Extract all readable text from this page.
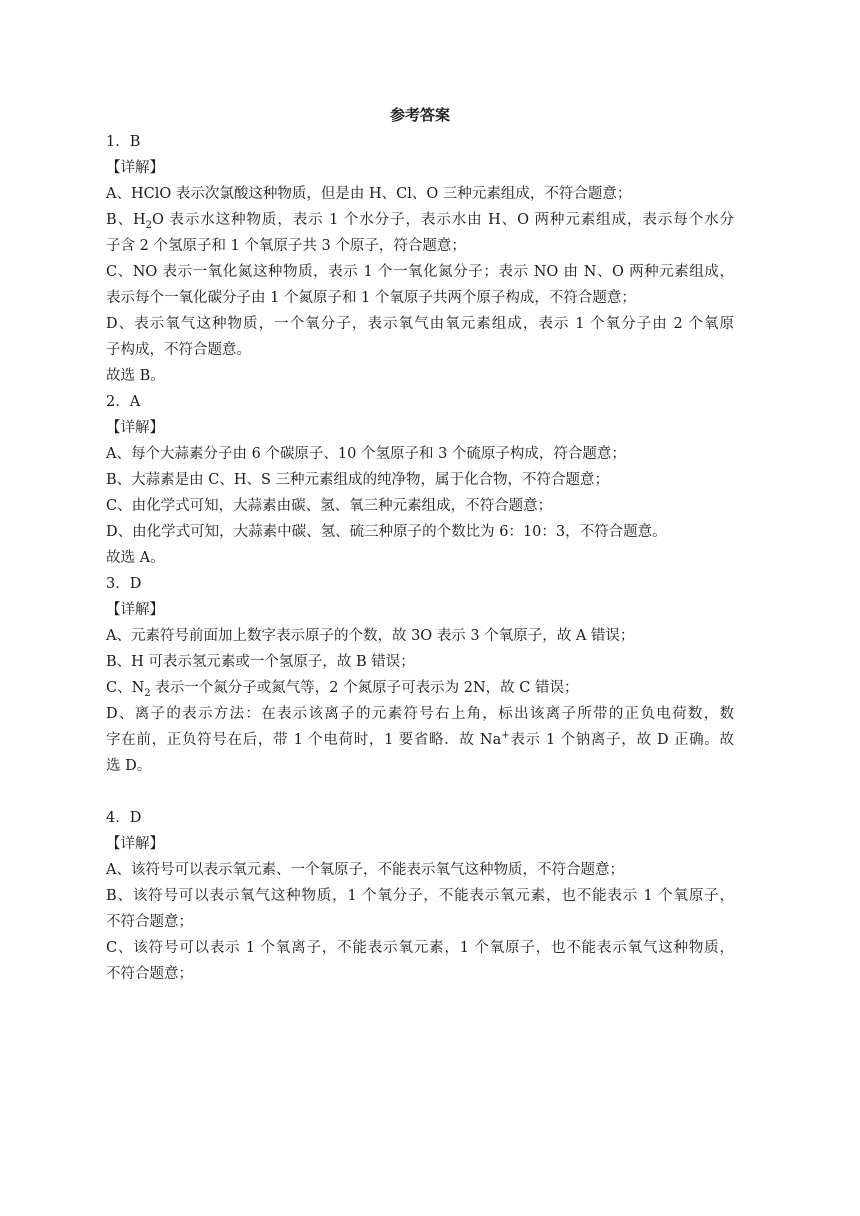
参考答案
1．B
【详解】
A、HClO 表示次氯酸这种物质，但是由 H、Cl、O 三种元素组成，不符合题意；
B、$H_2O$ 表示水这种物质，表示 1 个水分子，表示水由 H、O 两种元素组成，表示每个水分
子含 2 个氢原子和 1 个氧原子共 3 个原子，符合题意；
C、NO 表示一氧化氮这种物质，表示 1 个一氧化氮分子；表示 NO 由 N、O 两种元素组成，
表示每个一氧化碳分子由 1 个氮原子和 1 个氧原子共两个原子构成，不符合题意；
D、表示氧气这种物质，一个氧分子，表示氧气由氧元素组成，表示 1 个氧分子由 2 个氧原
子构成，不符合题意。
故选 B。
2．A
【详解】
A、每个大蒜素分子由 6 个碳原子、10 个氢原子和 3 个硫原子构成，符合题意；
B、大蒜素是由 C、H、S 三种元素组成的纯净物，属于化合物，不符合题意；
C、由化学式可知，大蒜素由碳、氢、氧三种元素组成，不符合题意；
D、由化学式可知，大蒜素中碳、氢、硫三种原子的个数比为 6：10：3，不符合题意。
故选 A。
3．D
【详解】
A、元素符号前面加上数字表示原子的个数，故 3O 表示 3 个氧原子，故 A 错误；
B、H 可表示氢元素或一个氢原子，故 B 错误；
C、$N_2$ 表示一个氮分子或氮气等，2 个氮原子可表示为 2N，故 C 错误；
D、离子的表示方法：在表示该离子的元素符号右上角，标出该离子所带的正负电荷数，数
字在前，正负符号在后，带 1 个电荷时，1 要省略．故 Na+表示 1 个钠离子，故 D 正确。故
选 D。
4．D
【详解】
A、该符号可以表示氧元素、一个氧原子，不能表示氧气这种物质，不符合题意；
B、该符号可以表示氧气这种物质，1 个氧分子，不能表示氧元素，也不能表示 1 个氧原子，
不符合题意；
C、该符号可以表示 1 个氧离子，不能表示氧元素，1 个氧原子，也不能表示氧气这种物质，
不符合题意；
